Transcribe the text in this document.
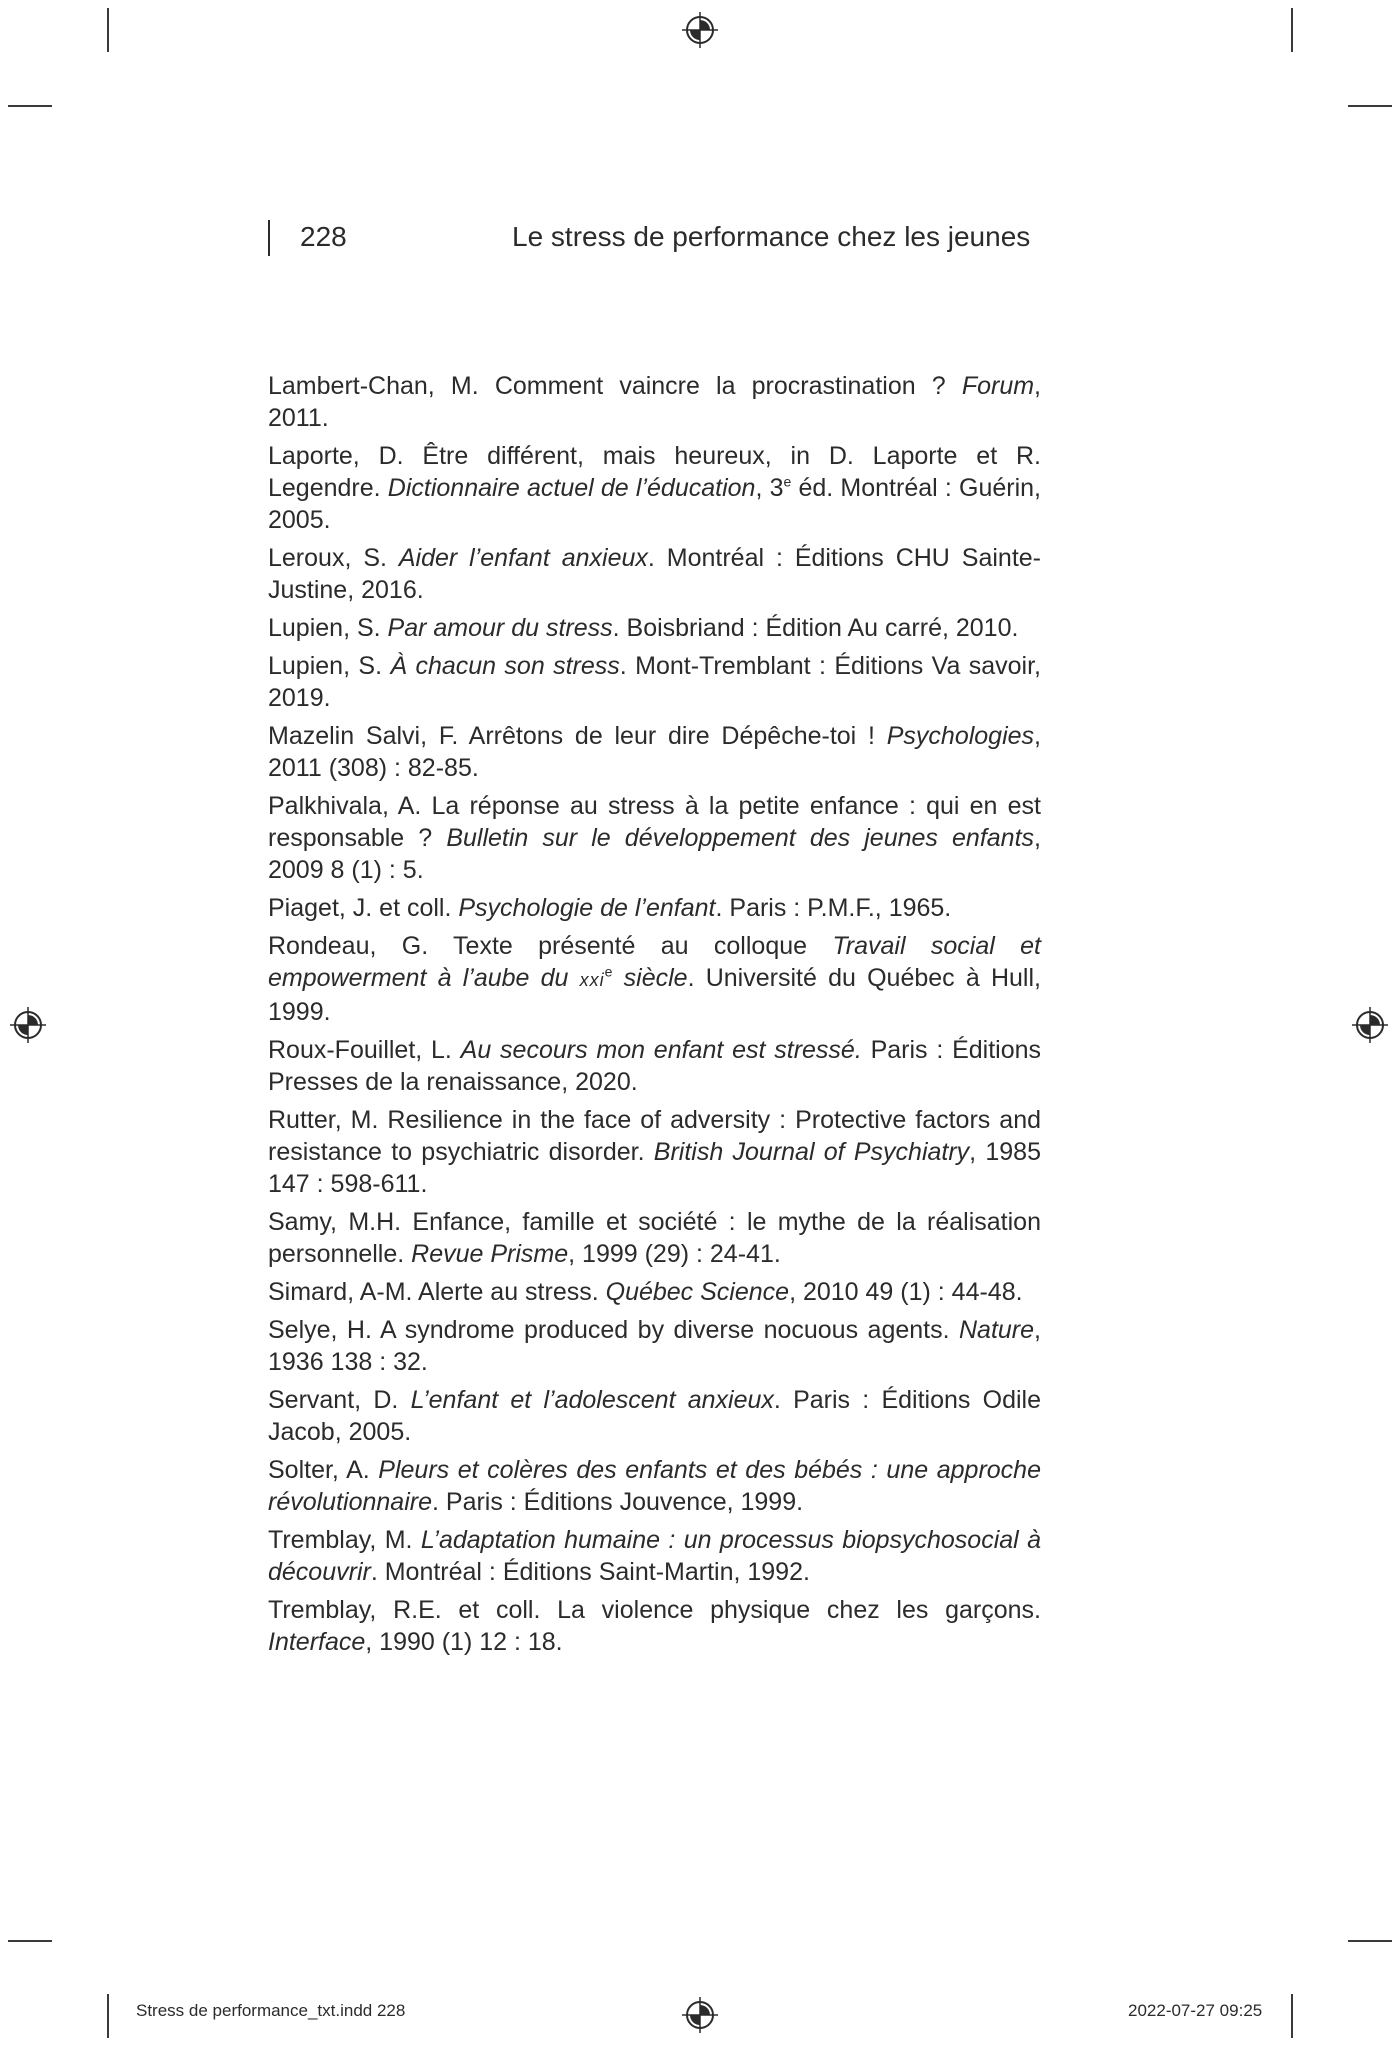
228	Le stress de performance chez les jeunes

Lambert-Chan, M. Comment vaincre la procrastination ? Forum, 2011.

Laporte, D. Être différent, mais heureux, in D. Laporte et R. Legendre. Dictionnaire actuel de l’éducation, 3e éd. Montréal : Guérin, 2005.

Leroux, S. Aider l’enfant anxieux. Montréal : Éditions CHU Sainte-Justine, 2016.

Lupien, S. Par amour du stress. Boisbriand : Édition Au carré, 2010.

Lupien, S. À chacun son stress. Mont-Tremblant : Éditions Va savoir, 2019.

Mazelin Salvi, F. Arrêtons de leur dire Dépêche-toi ! Psychologies, 2011 (308) : 82-85.

Palkhivala, A. La réponse au stress à la petite enfance : qui en est responsable ? Bulletin sur le développement des jeunes enfants, 2009 8 (1) : 5.

Piaget, J. et coll. Psychologie de l’enfant. Paris : P.M.F., 1965.

Rondeau, G. Texte présenté au colloque Travail social et empowerment à l’aube du xxi$^e$ siècle. Université du Québec à Hull, 1999.

Roux-Fouillet, L. Au secours mon enfant est stressé. Paris : Éditions Presses de la renaissance, 2020.

Rutter, M. Resilience in the face of adversity : Protective factors and resistance to psychiatric disorder. British Journal of Psychiatry, 1985 147 : 598-611.

Samy, M.H. Enfance, famille et société : le mythe de la réalisation personnelle. Revue Prisme, 1999 (29) : 24-41.

Simard, A-M. Alerte au stress. Québec Science, 2010 49 (1) : 44-48.

Selye, H. A syndrome produced by diverse nocuous agents. Nature, 1936 138 : 32.

Servant, D. L’enfant et l’adolescent anxieux. Paris : Éditions Odile Jacob, 2005.

Solter, A. Pleurs et colères des enfants et des bébés : une approche révolutionnaire. Paris : Éditions Jouvence, 1999.

Tremblay, M. L’adaptation humaine : un processus biopsychosocial à découvrir. Montréal : Éditions Saint-Martin, 1992.

Tremblay, R.E. et coll. La violence physique chez les garçons. Interface, 1990 (1) 12 : 18.

Stress de performance_txt.indd 228	2022-07-27 09:25
